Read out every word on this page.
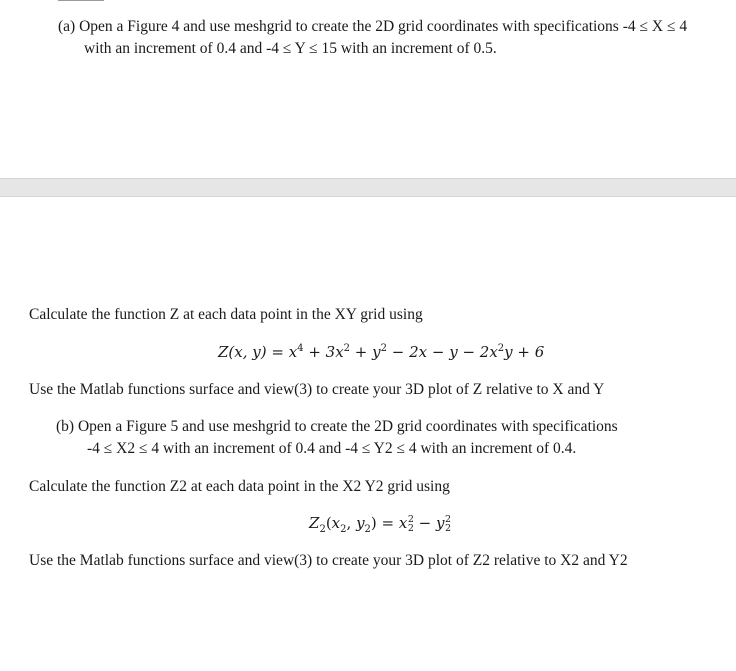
(a) Open a Figure 4 and use meshgrid to create the 2D grid coordinates with specifications -4 ≤ X ≤ 4
with an increment of 0.4 and -4 ≤ Y ≤ 15 with an increment of 0.5.
Calculate the function Z at each data point in the XY grid using
Z(x, $y) = x^4 + 3x^2 + y^2 - 2x - y - 2x^2y + 6$
Use the Matlab functions surface and view(3) to create your 3D plot of Z relative to X and Y
(b) Open a Figure 5 and use meshgrid to create the 2D grid coordinates with specifications
-4 ≤ X2 ≤ 4 with an increment of 0.4 and -4 ≤ Y2 ≤ 4 with an increment of 0.4.
Calculate the function Z2 at each data point in the X2 Y2 grid using
$Z_2(x_2$, $y_2) = x$ 2
2 − y 2
2
Use the Matlab functions surface and view(3) to create your 3D plot of Z2 relative to X2 and Y2
